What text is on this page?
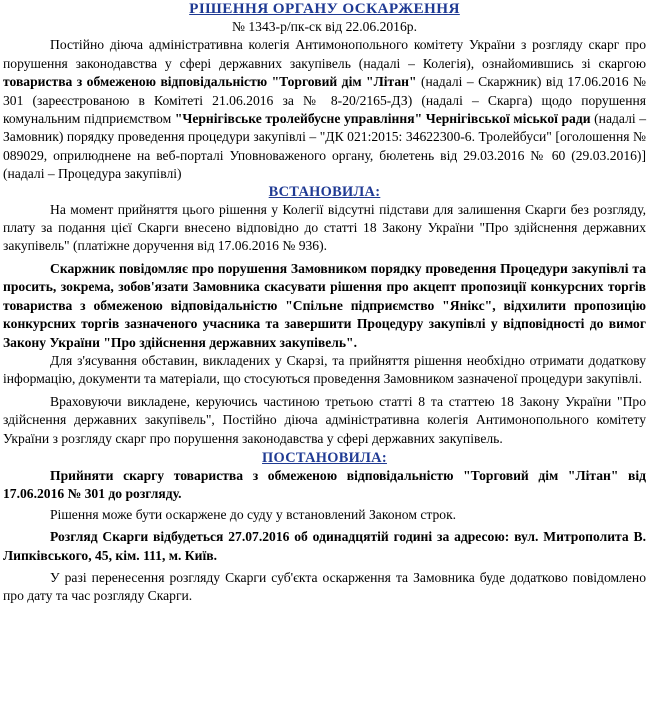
РІШЕННЯ ОРГАНУ ОСКАРЖЕННЯ

№ 1343-р/пк-ск від 22.06.2016р.

Постійно діюча адміністративна колегія Антимонопольного комітету України з розгляду скарг про порушення законодавства у сфері державних закупівель (надалі – Колегія), ознайомившись зі скаргою товариства з обмеженою відповідальністю "Торговий дім "Літан" (надалі – Скаржник) від 17.06.2016 № 301 (зареєстрованою в Комітеті 21.06.2016 за № 8-20/2165-ДЗ) (надалі – Скарга) щодо порушення комунальним підприємством "Чернігівське тролейбусне управління" Чернігівської міської ради (надалі – Замовник) порядку проведення процедури закупівлі – "ДК 021:2015: 34622300-6. Тролейбуси" [оголошення № 089029, оприлюднене на веб-порталі Уповноваженого органу, бюлетень від 29.03.2016 № 60 (29.03.2016)] (надалі – Процедура закупівлі)

ВСТАНОВИЛА:

На момент прийняття цього рішення у Колегії відсутні підстави для залишення Скарги без розгляду, плату за подання цієї Скарги внесено відповідно до статті 18 Закону України "Про здійснення державних закупівель" (платіжне доручення від 17.06.2016 № 936).

Скаржник повідомляє про порушення Замовником порядку проведення Процедури закупівлі та просить, зокрема, зобов'язати Замовника скасувати рішення про акцепт пропозиції конкурсних торгів товариства з обмеженою відповідальністю "Спільне підприємство "Янікс", відхилити пропозицію конкурсних торгів зазначеного учасника та завершити Процедуру закупівлі у відповідності до вимог Закону України "Про здійснення державних закупівель".

Для з'ясування обставин, викладених у Скарзі, та прийняття рішення необхідно отримати додаткову інформацію, документи та матеріали, що стосуються проведення Замовником зазначеної процедури закупівлі.

Враховуючи викладене, керуючись частиною третьою статті 8 та статтею 18 Закону України "Про здійснення державних закупівель", Постійно діюча адміністративна колегія Антимонопольного комітету України з розгляду скарг про порушення законодавства у сфері державних закупівель.

ПОСТАНОВИЛА:

Прийняти скаргу товариства з обмеженою відповідальністю "Торговий дім "Літан" від 17.06.2016 № 301 до розгляду.

Рішення може бути оскаржене до суду у встановлений Законом строк.

Розгляд Скарги відбудеться 27.07.2016 об одинадцятій годині за адресою: вул. Митрополита В. Липківського, 45, кім. 111, м. Київ.

У разі перенесення розгляду Скарги суб'єкта оскарження та Замовника буде додатково повідомлено про дату та час розгляду Скарги.
